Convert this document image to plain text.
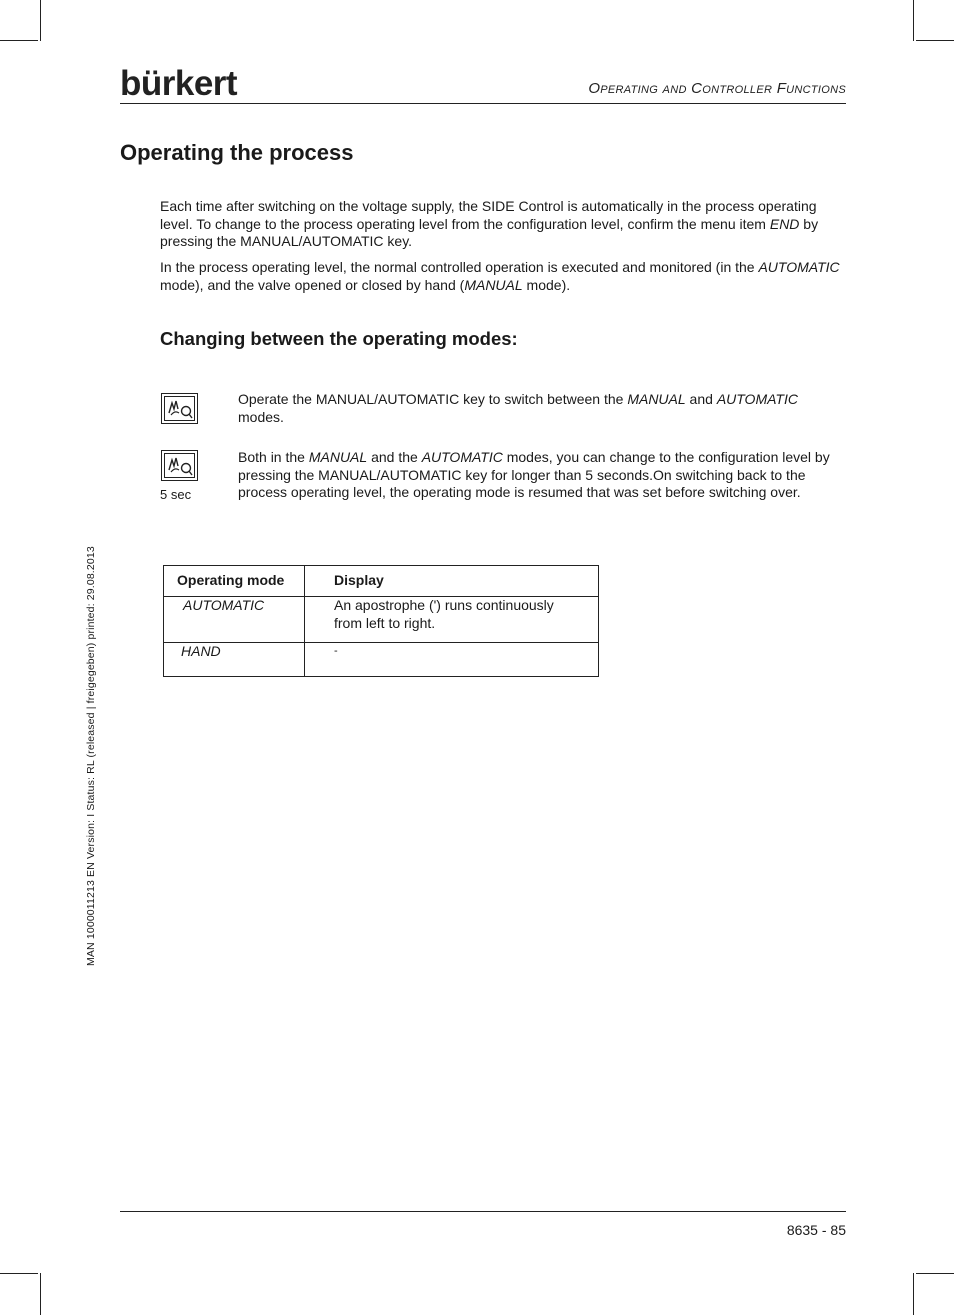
bürkert	Operating and Controller Functions
Operating the process

Each time after switching on the voltage supply, the SIDE Control is automatically in the process operating level. To change to the process operating level from the configuration level, confirm the menu item END by pressing the MANUAL/AUTOMATIC key.

In the process operating level, the normal controlled operation is executed and monitored (in the AUTOMATIC mode), and the valve opened or closed by hand (MANUAL mode).

Changing between the operating modes:

Operate the MANUAL/AUTOMATIC key to switch between the MANUAL and AUTOMATIC modes.

5 sec

Both in the MANUAL and the AUTOMATIC modes, you can change to the configuration level by pressing the MANUAL/AUTOMATIC key for longer than 5 seconds.On switching back to the process operating level, the operating mode is resumed that was set before switching over.

Operating mode	Display

AUTOMATIC	An apostrophe (') runs continuously from left to right.

HAND	-
MAN 1000011213 EN Version: I Status: RL (released | freigegeben) printed: 29.08.2013
8635 - 85
